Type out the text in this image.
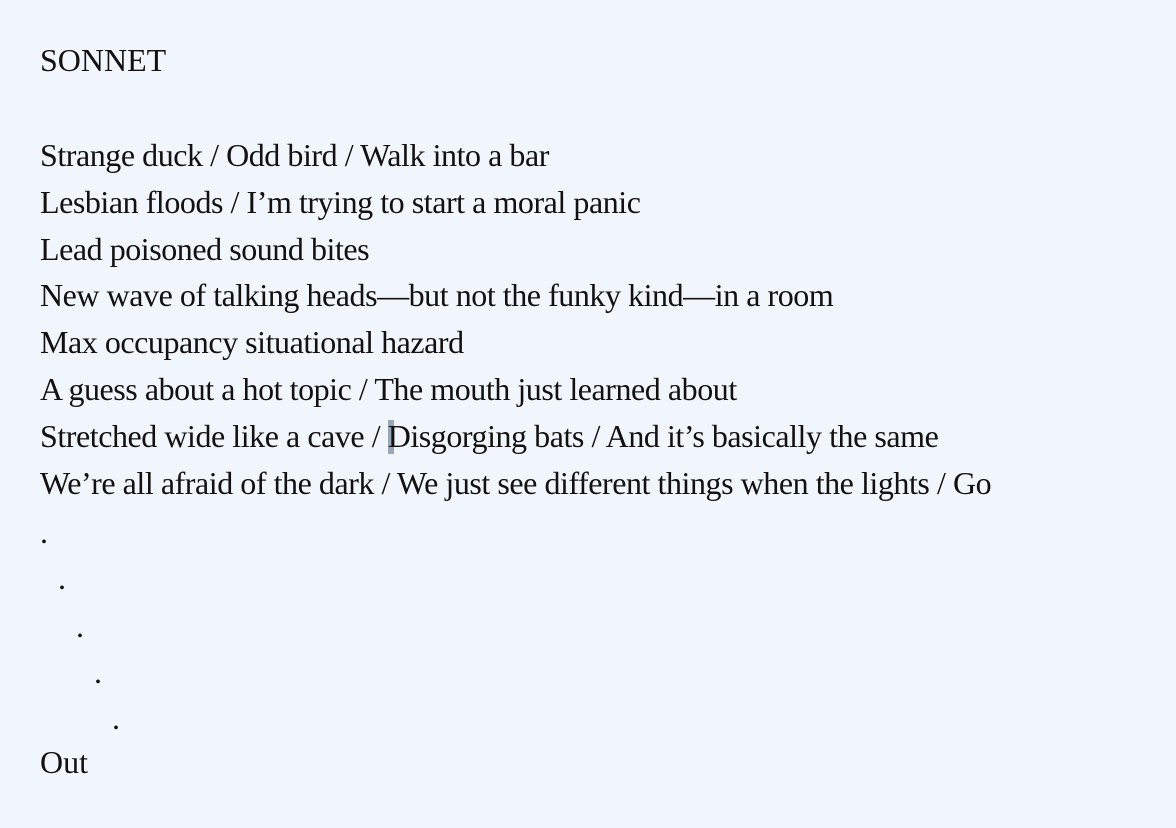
SONNET
Strange duck / Odd bird / Walk into a bar
Lesbian floods / I’m trying to start a moral panic
Lead poisoned sound bites
New wave of talking heads—but not the funky kind—in a room
Max occupancy situational hazard
A guess about a hot topic / The mouth just learned about
Stretched wide like a cave / Disgorging bats / And it’s basically the same
We’re all afraid of the dark / We just see different things when the lights / Go
.
.
.
.
.
Out
